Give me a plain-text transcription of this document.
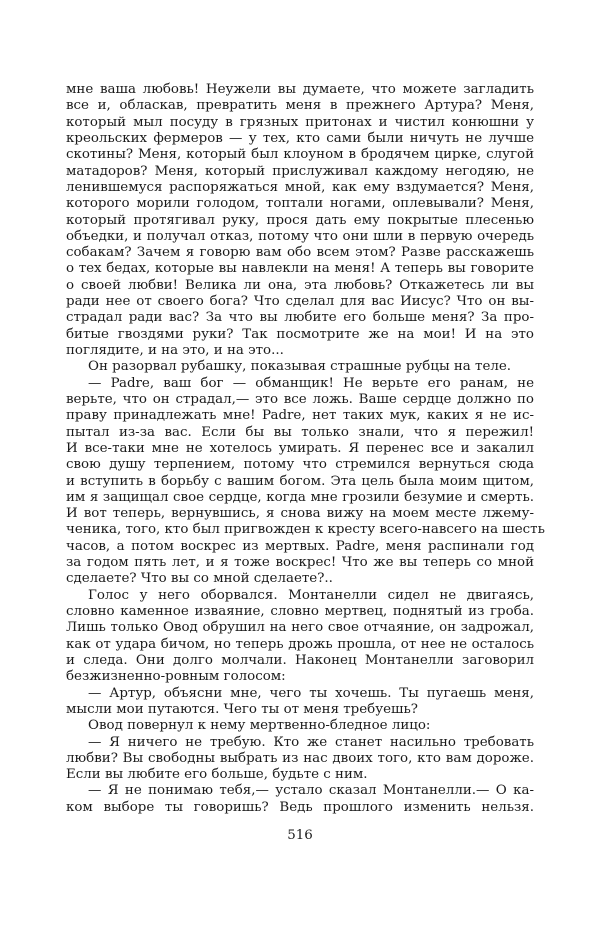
мне ваша любовь! Неужели вы думаете, что можете загладить
все и, обласкав, превратить меня в прежнего Артура? Меня,
который мыл посуду в грязных притонах и чистил конюшни у
креольских фермеров — у тех, кто сами были ничуть не лучше
скотины? Меня, который был клоуном в бродячем цирке, слугой
матадоров? Меня, который прислуживал каждому негодяю, не
ленившемуся распоряжаться мной, как ему вздумается? Меня,
которого морили голодом, топтали ногами, оплевывали? Меня,
который протягивал руку, прося дать ему покрытые плесенью
объедки, и получал отказ, потому что они шли в первую очередь
собакам? Зачем я говорю вам обо всем этом? Разве расскажешь
о тех бедах, которые вы навлекли на меня! А теперь вы говорите
о своей любви! Велика ли она, эта любовь? Откажетесь ли вы
ради нее от своего бога? Что сделал для вас Иисус? Что он вы-
страдал ради вас? За что вы любите его больше меня? За про-
битые гвоздями руки? Так посмотрите же на мои! И на это
поглядите, и на это, и на это...
Он разорвал рубашку, показывая страшные рубцы на теле.
— Padre, ваш бог — обманщик! Не верьте его ранам, не
верьте, что он страдал,— это все ложь. Ваше сердце должно по
праву принадлежать мне! Padre, нет таких мук, каких я не ис-
пытал из-за вас. Если бы вы только знали, что я пережил!
И все-таки мне не хотелось умирать. Я перенес все и закалил
свою душу терпением, потому что стремился вернуться сюда
и вступить в борьбу с вашим богом. Эта цель была моим щитом,
им я защищал свое сердце, когда мне грозили безумие и смерть.
И вот теперь, вернувшись, я снова вижу на моем месте лжему-
ченика, того, кто был пригвожден к кресту всего-навсего на шесть
часов, а потом воскрес из мертвых. Padre, меня распинали год
за годом пять лет, и я тоже воскрес! Что же вы теперь со мной
сделаете? Что вы со мной сделаете?..
Голос у него оборвался. Монтанелли сидел не двигаясь,
словно каменное изваяние, словно мертвец, поднятый из гроба.
Лишь только Овод обрушил на него свое отчаяние, он задрожал,
как от удара бичом, но теперь дрожь прошла, от нее не осталось
и следа. Они долго молчали. Наконец Монтанелли заговорил
безжизненно-ровным голосом:
— Артур, объясни мне, чего ты хочешь. Ты пугаешь меня,
мысли мои путаются. Чего ты от меня требуешь?
Овод повернул к нему мертвенно-бледное лицо:
— Я ничего не требую. Кто же станет насильно требовать
любви? Вы свободны выбрать из нас двоих того, кто вам дороже.
Если вы любите его больше, будьте с ним.
— Я не понимаю тебя,— устало сказал Монтанелли.— О ка-
ком выборе ты говоришь? Ведь прошлого изменить нельзя.
516
